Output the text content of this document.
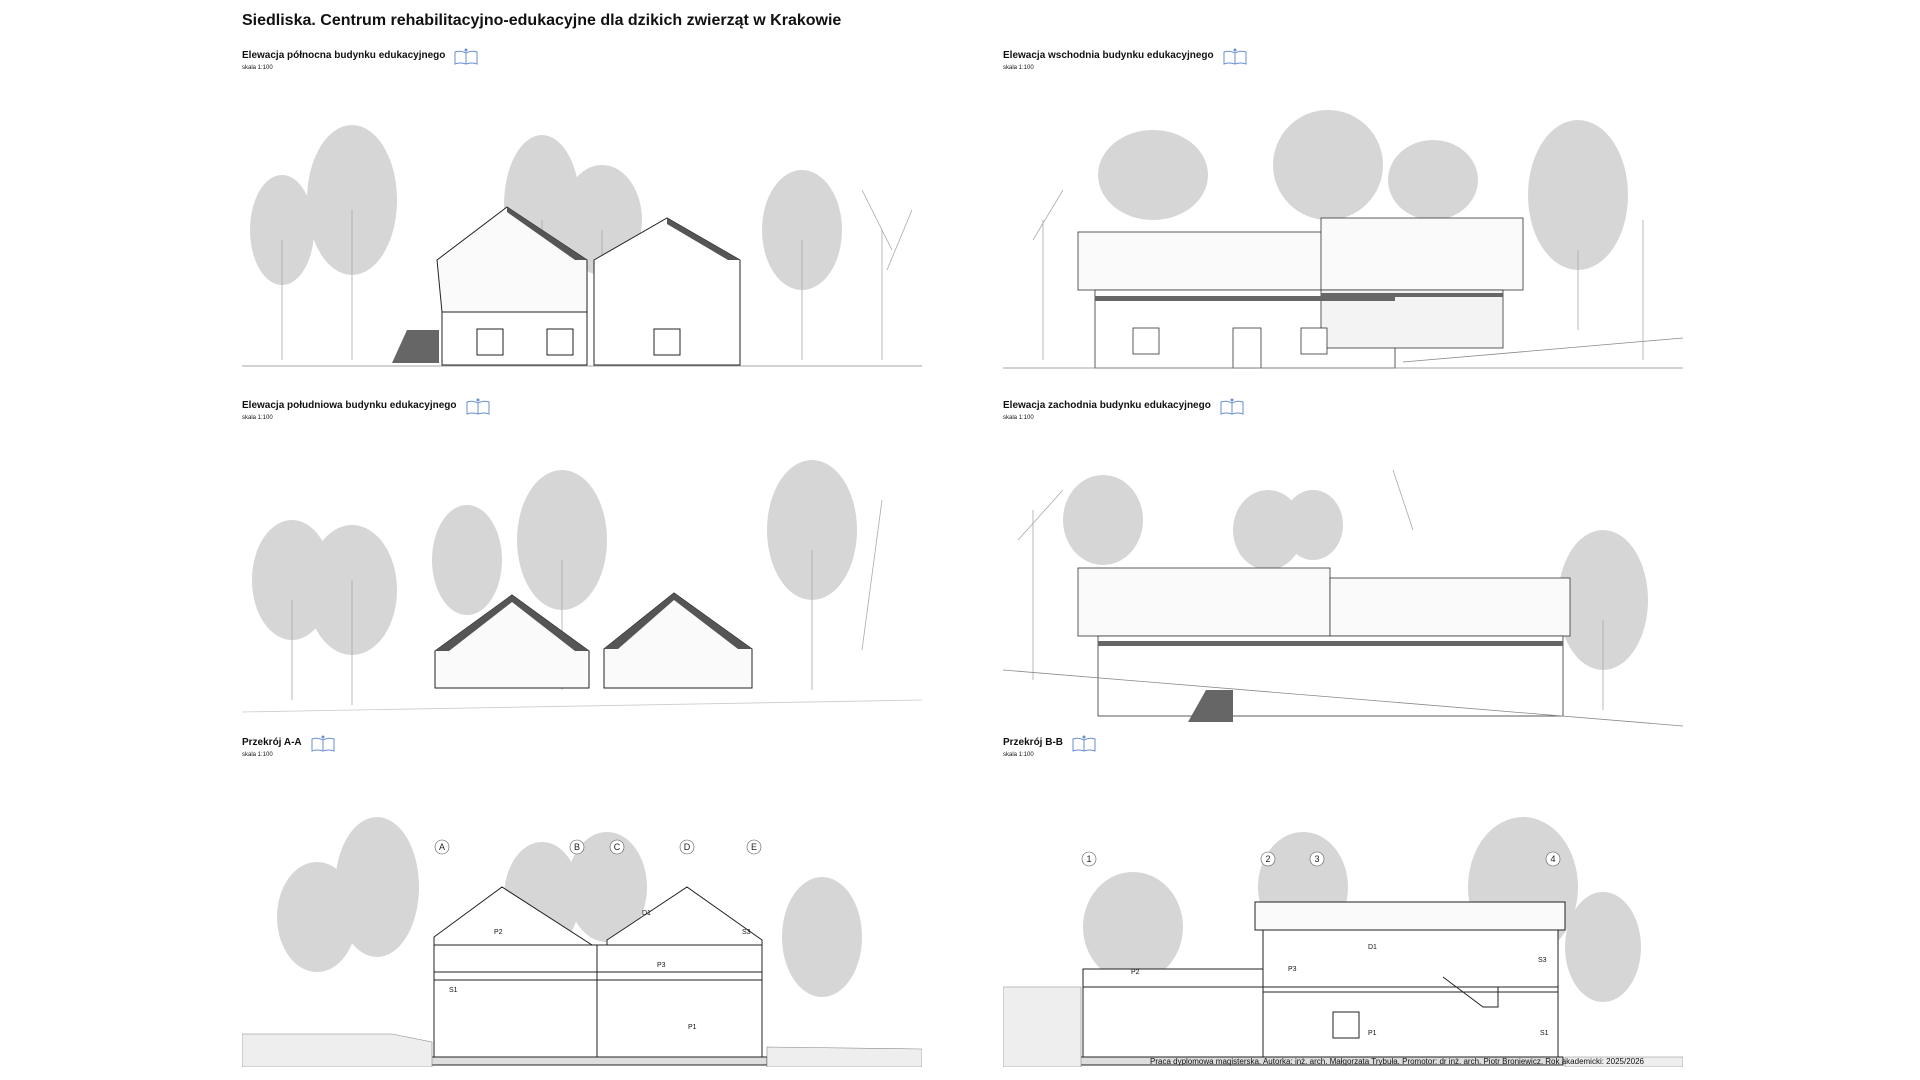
Siedliska. Centrum rehabilitacyjno-edukacyjne dla dzikich zwierząt w Krakowie
Elewacja północna budynku edukacyjnego
skala 1:100
Elewacja wschodnia budynku edukacyjnego
skala 1:100
Elewacja południowa budynku edukacyjnego
skala 1:100
Elewacja zachodnia budynku edukacyjnego
skala 1:100
Przekrój A-A
skala 1:100
A	B	C	D	E
P2
D1
S3
P3
S1
P1
Przekrój B-B
skala 1:100
1	2	3	4
D1
S3
P2	P3
P1	S1
Praca dyplomowa magisterska. Autorka: inż. arch. Małgorzata Trybuła. Promotor: dr inż. arch. Piotr Broniewicz. Rok akademicki: 2025/2026
